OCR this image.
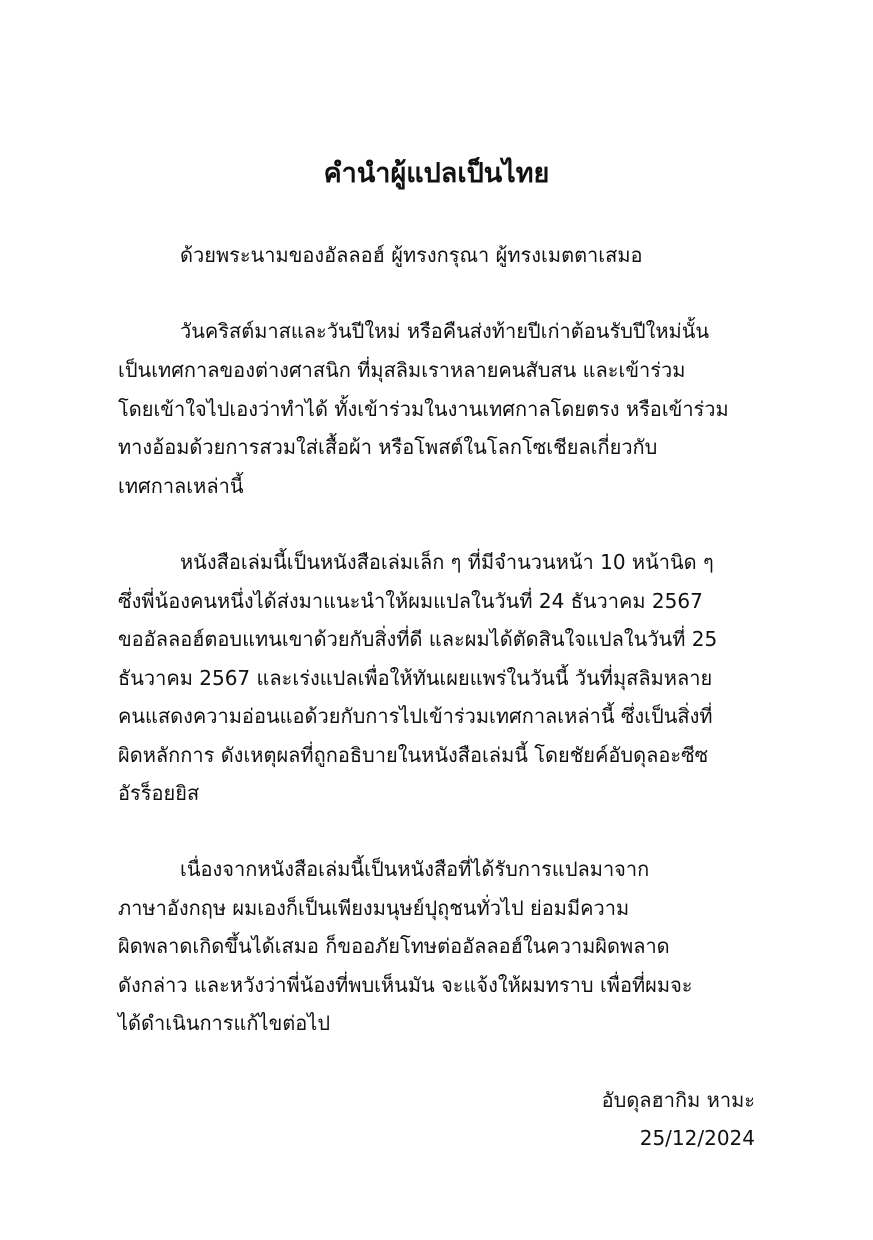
คำนำผู้แปลเป็นไทย

ด้วยพระนามของอัลลอฮ์ ผู้ทรงกรุณา ผู้ทรงเมตตาเสมอ

วันคริสต์มาสและวันปีใหม่ หรือคืนส่งท้ายปีเก่าต้อนรับปีใหม่นั้น

เป็นเทศกาลของต่างศาสนิก ที่มุสลิมเราหลายคนสับสน และเข้าร่วม

โดยเข้าใจไปเองว่าทำได้ ทั้งเข้าร่วมในงานเทศกาลโดยตรง หรือเข้าร่วม

ทางอ้อมด้วยการสวมใส่เสื้อผ้า หรือโพสต์ในโลกโซเชียลเกี่ยวกับ

เทศกาลเหล่านี้

หนังสือเล่มนี้เป็นหนังสือเล่มเล็ก ๆ ที่มีจำนวนหน้า 10 หน้านิด ๆ

ซึ่งพี่น้องคนหนึ่งได้ส่งมาแนะนำให้ผมแปลในวันที่ 24 ธันวาคม 2567

ขออัลลอฮ์ตอบแทนเขาด้วยกับสิ่งที่ดี และผมได้ตัดสินใจแปลในวันที่ 25

ธันวาคม 2567 และเร่งแปลเพื่อให้ทันเผยแพร่ในวันนี้ วันที่มุสลิมหลาย

คนแสดงความอ่อนแอด้วยกับการไปเข้าร่วมเทศกาลเหล่านี้ ซึ่งเป็นสิ่งที่

ผิดหลักการ ดังเหตุผลที่ถูกอธิบายในหนังสือเล่มนี้ โดยชัยค์อับดุลอะซีซ

อัรร็อยยิส

เนื่องจากหนังสือเล่มนี้เป็นหนังสือที่ได้รับการแปลมาจาก

ภาษาอังกฤษ ผมเองก็เป็นเพียงมนุษย์ปุถุชนทั่วไป ย่อมมีความ

ผิดพลาดเกิดขึ้นได้เสมอ ก็ขออภัยโทษต่ออัลลอฮ์ในความผิดพลาด

ดังกล่าว และหวังว่าพี่น้องที่พบเห็นมัน จะแจ้งให้ผมทราบ เพื่อที่ผมจะ

ได้ดำเนินการแก้ไขต่อไป

อับดุลฮากิม หามะ

25/12/2024
